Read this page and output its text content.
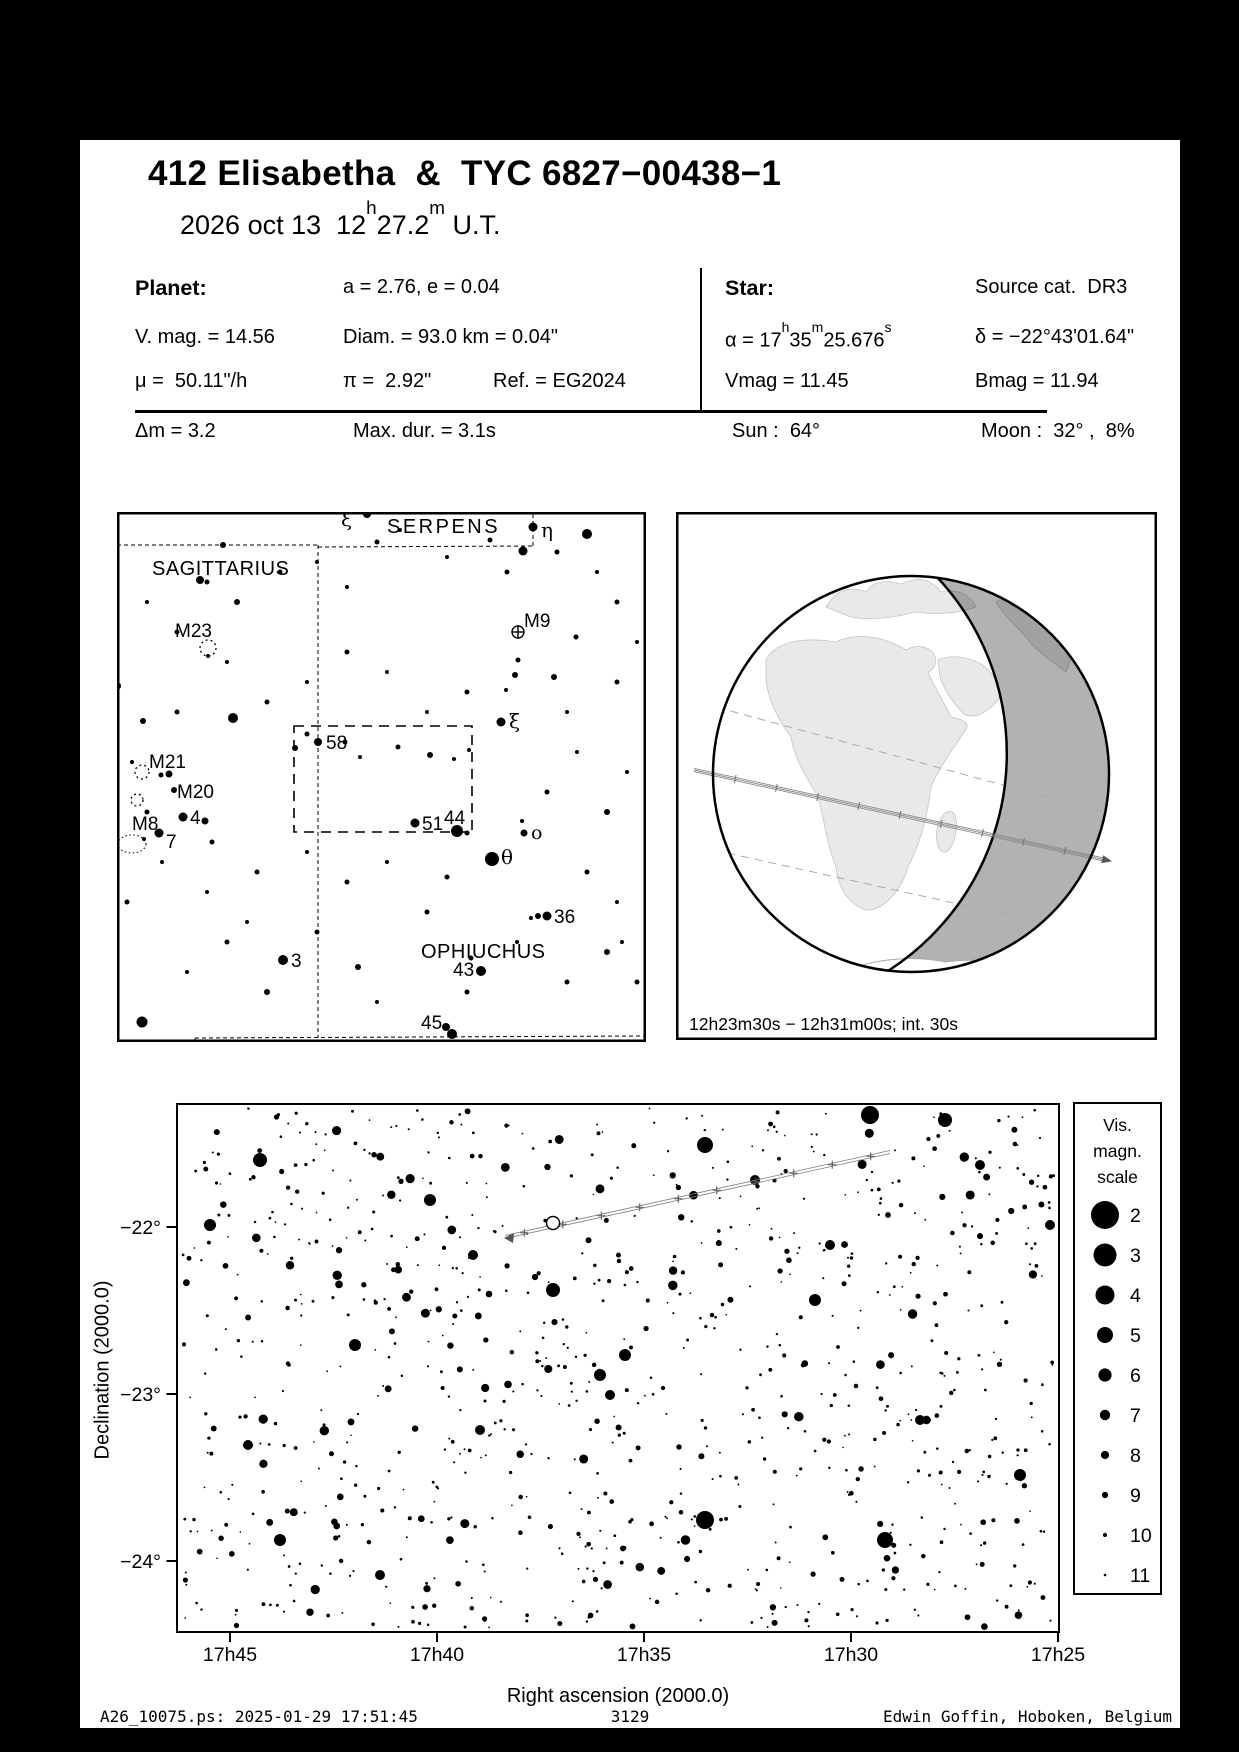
412 Elisabetha  &  TYC 6827−00438−1
2026 oct 13  12$^h$27.2$^m$ U.T.
Planet:	a = 2.76, e = 0.04	Star:	Source cat.  DR3
V. mag. = 14.56	Diam. = 93.0 km = 0.04"	$\alpha = 17^h35^m25.676^s$	δ = −22°43'01.64"
μ =  50.11"/h	π =  2.92"	Ref. = EG2024	Vmag = 11.45	Bmag = 11.94
Δm = 3.2	Max. dur. = 3.1s	Sun :  64°	Moon :  32° ,  8%
ξ SERPENS η
SAGITTARIUS
M23	M9
ξ
58
M21
M20
M8 4
7
51 44
o
θ
36
OPHIUCHUS
43
3
45	12h23m30s − 12h31m00s; int. 30s
17h45	17h40	17h35	17h30	17h25
−22°
−23°
−24°
Vis.
magn.
scale
2
3
4
5
6
7
8
9
10
11
Right ascension (2000.0)
Declination (2000.0)
A26_10075.ps: 2025-01-29 17:51:45	3129	Edwin Goffin, Hoboken, Belgium
